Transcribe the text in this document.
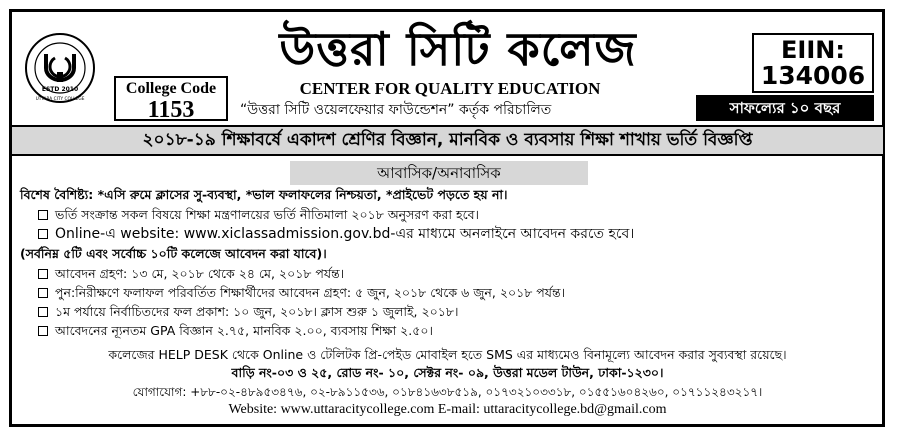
ESTD 2010
UTTARA CITY COLLEGE
College Code
1153
উত্তরা সিটি কলেজ	EIIN:
134006
CENTER FOR QUALITY EDUCATION
“উত্তরা সিটি ওয়েলফেয়ার ফাউন্ডেশন” কর্তৃক পরিচালিত	সাফল্যের ১০ বছর
২০১৮-১৯ শিক্ষাবর্ষে একাদশ শ্রেণির বিজ্ঞান, মানবিক ও ব্যবসায় শিক্ষা শাখায় ভর্তি বিজ্ঞপ্তি
আবাসিক/অনাবাসিক
বিশেষ বৈশিষ্ট্য: *এসি রুমে ক্লাসের সু-ব্যবস্থা, *ভাল ফলাফলের নিশ্চয়তা, *প্রাইভেট পড়তে হয় না।
ভর্তি সংক্রান্ত সকল বিষয়ে শিক্ষা মন্ত্রণালয়ের ভর্তি নীতিমালা ২০১৮ অনুসরণ করা হবে।
Online-এ website: www.xiclassadmission.gov.bd-এর মাধ্যমে অনলাইনে আবেদন করতে হবে।
(সর্বনিম্ন ৫টি এবং সর্বোচ্চ ১০টি কলেজে আবেদন করা যাবে)।
আবেদন গ্রহণ: ১৩ মে, ২০১৮ থেকে ২৪ মে, ২০১৮ পর্যন্ত।
পুন:নিরীক্ষণে ফলাফল পরিবর্তিত শিক্ষার্থীদের আবেদন গ্রহণ: ৫ জুন, ২০১৮ থেকে ৬ জুন, ২০১৮ পর্যন্ত।
১ম পর্যায়ে নির্বাচিতদের ফল প্রকাশ: ১০ জুন, ২০১৮। ক্লাস শুরু ১ জুলাই, ২০১৮।
আবেদনের ন্যূনতম GPA বিজ্ঞান ২.৭৫, মানবিক ২.০০, ব্যবসায় শিক্ষা ২.৫০।
কলেজের HELP DESK থেকে Online ও টেলিটক প্রি-পেইড মোবাইল হতে SMS এর মাধ্যমেও বিনামূল্যে আবেদন করার সুব্যবস্থা রয়েছে।
বাড়ি নং-০৩ ও ২৫, রোড নং- ১০, সেক্টর নং- ০৯, উত্তরা মডেল টাউন, ঢাকা-১২৩০।
যোগাযোগ: +৮৮-০২-৪৮৯৫৩৪৭৬, ০২-৮৯১১৫৩৬, ০১৮৪১৬৩৮৫১৯, ০১৭৩২১০৩৩১৮, ০১৫৫১৬০৪২৬০, ০১৭১১২৪৩২১৭।
Website: www.uttaracitycollege.com E-mail: uttaracitycollege.bd@gmail.com
